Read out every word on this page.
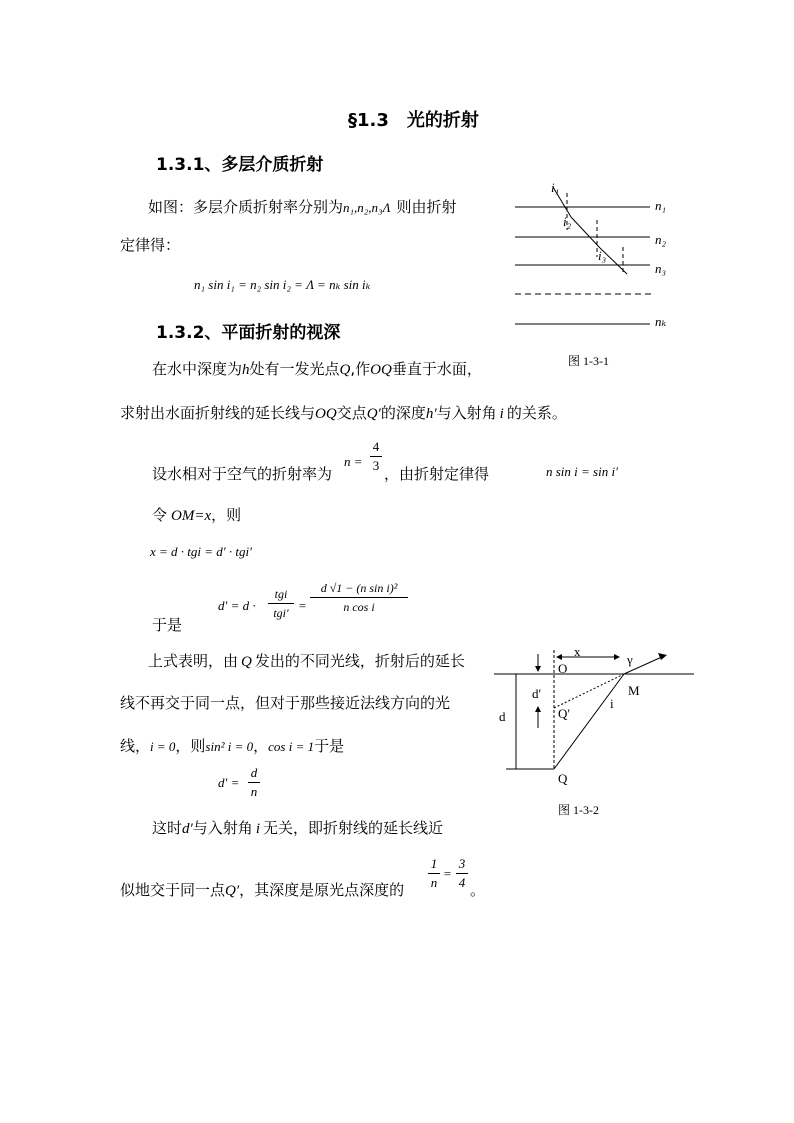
§1.3　光的折射
1.3.1、多层介质折射
如图：多层介质折射率分别为n₁,n₂,n₃Λ 则由折射
定律得：
n₁ sin i₁ = n₂ sin i₂ = Λ = nₖ sin iₖ
i₁
i₂
i₃
n₁
n₂
n₃
nₖ
图 1-3-1
1.3.2、平面折射的视深
在水中深度为h处有一发光点Q,作OQ垂直于水面，
求射出水面折射线的延长线与OQ交点Q′的深度h′与入射角 i 的关系。
设水相对于空气的折射率为
n =
4
3 ，由折射定律得	n sin i = sin i′
令 OM=x，则
x = d · tgi = d′ · tgi′
于是
d′ = d ·
tgi
tgi′ =
d √1 − (n sin i)²
n cos i
上式表明，由 Q 发出的不同光线，折射后的延长
线不再交于同一点，但对于那些接近法线方向的光
线，i = 0，则sin² i = 0，cos i = 1于是
d′ =
d
n
这时d′与入射角 i 无关，即折射线的延长线近
似地交于同一点Q′，其深度是原光点深度的
1
n
=
3
4 。
x
γ
O
M
d′
d	Q′
i
Q
图 1-3-2
